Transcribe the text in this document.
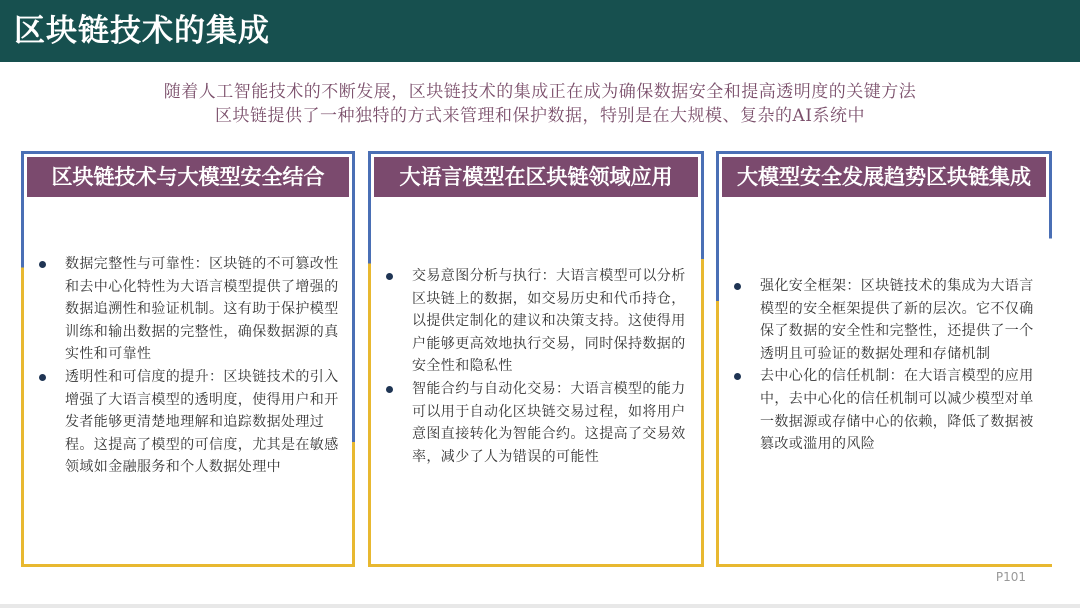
区块链技术的集成
随着人工智能技术的不断发展，区块链技术的集成正在成为确保数据安全和提高透明度的关键方法
区块链提供了一种独特的方式来管理和保护数据，特别是在大规模、复杂的AI系统中
区块链技术与大模型安全结合
数据完整性与可靠性：区块链的不可篡改性和去中心化特性为大语言模型提供了增强的数据追溯性和验证机制。这有助于保护模型训练和输出数据的完整性，确保数据源的真实性和可靠性
透明性和可信度的提升：区块链技术的引入增强了大语言模型的透明度，使得用户和开发者能够更清楚地理解和追踪数据处理过程。这提高了模型的可信度，尤其是在敏感领域如金融服务和个人数据处理中
大语言模型在区块链领域应用
交易意图分析与执行：大语言模型可以分析区块链上的数据，如交易历史和代币持仓，以提供定制化的建议和决策支持。这使得用户能够更高效地执行交易，同时保持数据的安全性和隐私性
智能合约与自动化交易：大语言模型的能力可以用于自动化区块链交易过程，如将用户意图直接转化为智能合约。这提高了交易效率，减少了人为错误的可能性
大模型安全发展趋势区块链集成
强化安全框架：区块链技术的集成为大语言模型的安全框架提供了新的层次。它不仅确保了数据的安全性和完整性，还提供了一个透明且可验证的数据处理和存储机制
去中心化的信任机制：在大语言模型的应用中，去中心化的信任机制可以减少模型对单一数据源或存储中心的依赖，降低了数据被篡改或滥用的风险
P101
